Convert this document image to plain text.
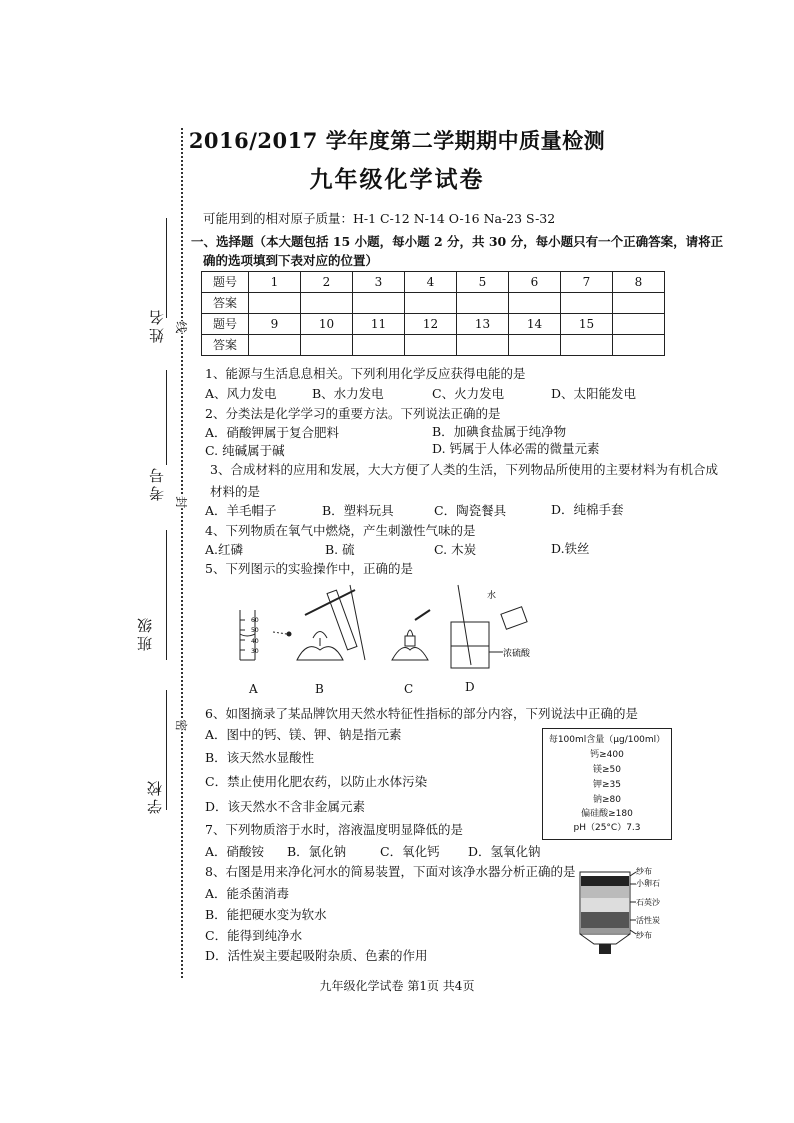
姓名
考号
班级
学校
线
封
密
2016/2017 学年度第二学期期中质量检测
九年级化学试卷
可能用到的相对原子质量：H-1 C-12 N-14 O-16 Na-23 S-32
一、选择题（本大题包括 15 小题，每小题 2 分，共 30 分，每小题只有一个正确答案，请将正
确的选项填到下表对应的位置）
题号	1	2	3	4	5	6	7	8
答案								
题号	9	10	11	12	13	14	15	
答案								
1、能源与生活息息相关。下列利用化学反应获得电能的是
A、风力发电	B、水力发电	C、火力发电	D、太阳能发电
2、分类法是化学学习的重要方法。下列说法正确的是
A．硝酸钾属于复合肥料	B．加碘食盐属于纯净物
C. 纯碱属于碱	D. 钙属于人体必需的微量元素
3、合成材料的应用和发展，大大方便了人类的生活，下列物品所使用的主要材料为有机合成
材料的是
A．羊毛帽子	B．塑料玩具	C．陶瓷餐具	D．纯棉手套
4、下列物质在氧气中燃烧，产生刺激性气味的是
A.红磷	B. 硫	C. 木炭	D.铁丝
5、下列图示的实验操作中，正确的是
60
50
40
30
水
浓硫酸
A	B	C	D
6、如图摘录了某品牌饮用天然水特征性指标的部分内容，下列说法中正确的是
A．图中的钙、镁、钾、钠是指元素
B．该天然水显酸性
C．禁止使用化肥农药，以防止水体污染
D．该天然水不含非金属元素
每100ml含量（μg/100ml）
钙≥400
镁≥50
钾≥35
钠≥80
偏硅酸≥180
pH（25°C）7.3
7、下列物质溶于水时，溶液温度明显降低的是
A．硝酸铵 B．氯化钠	C．氧化钙 D．氢氧化钠
8、右图是用来净化河水的简易装置，下面对该净水器分析正确的是
A．能杀菌消毒
B．能把硬水变为软水
C．能得到纯净水
D．活性炭主要起吸附杂质、色素的作用
纱布
小卵石
石英沙
活性炭
纱布
九年级化学试卷 第1页 共4页
